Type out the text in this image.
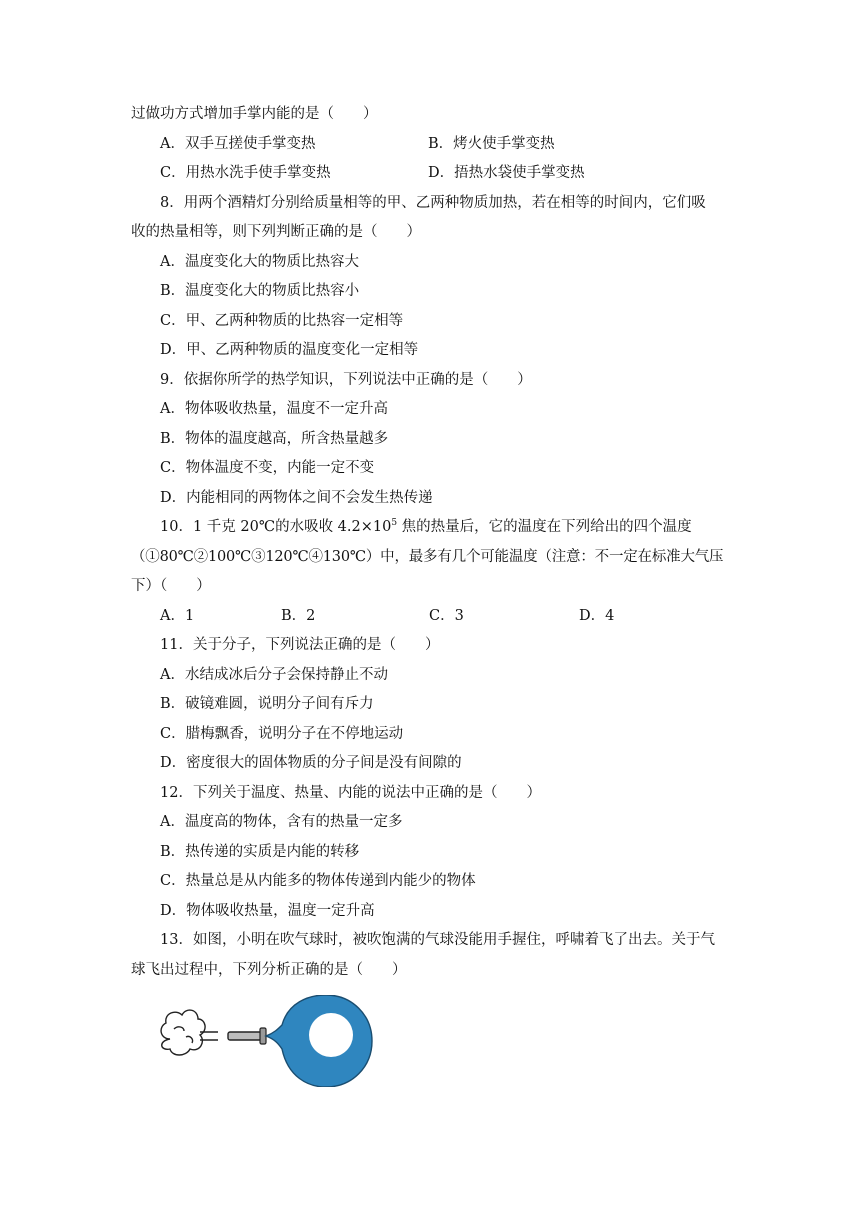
过做功方式增加手掌内能的是（　　）
A．双手互搓使手掌变热	B．烤火使手掌变热
C．用热水洗手使手掌变热	D．捂热水袋使手掌变热
8．用两个酒精灯分别给质量相等的甲、乙两种物质加热，若在相等的时间内，它们吸
收的热量相等，则下列判断正确的是（　　）
A．温度变化大的物质比热容大
B．温度变化大的物质比热容小
C．甲、乙两种物质的比热容一定相等
D．甲、乙两种物质的温度变化一定相等
9．依据你所学的热学知识，下列说法中正确的是（　　）
A．物体吸收热量，温度不一定升高
B．物体的温度越高，所含热量越多
C．物体温度不变，内能一定不变
D．内能相同的两物体之间不会发生热传递
10．1 千克 20℃的水吸收 $4.2\times 10^5$ 焦的热量后，它的温度在下列给出的四个温度
（①80℃②100℃③120℃④130℃）中，最多有几个可能温度（注意：不一定在标准大气压
下）（　　）
A．1	B．2	C．3	D．4
11．关于分子，下列说法正确的是（　　）
A．水结成冰后分子会保持静止不动
B．破镜难圆，说明分子间有斥力
C．腊梅飘香，说明分子在不停地运动
D．密度很大的固体物质的分子间是没有间隙的
12．下列关于温度、热量、内能的说法中正确的是（　　）
A．温度高的物体，含有的热量一定多
B．热传递的实质是内能的转移
C．热量总是从内能多的物体传递到内能少的物体
D．物体吸收热量，温度一定升高
13．如图，小明在吹气球时，被吹饱满的气球没能用手握住，呼啸着飞了出去。关于气
球飞出过程中，下列分析正确的是（　　）
